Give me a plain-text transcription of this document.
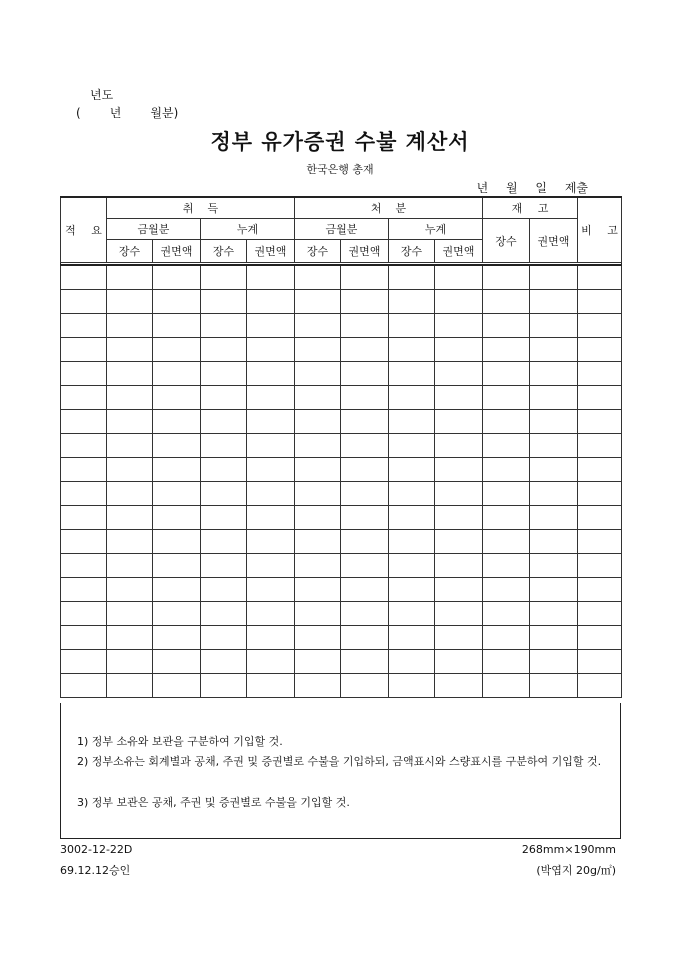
년도
(     년     월분)
정부 유가증권 수불 계산서
한국은행 총재
년 월 일 제출
적 요	취    득				처    분				재 고		비 고
	금월분		누계		금월분		누계		장수	권면액	
	장수	권면액	장수	권면액	장수	권면액	장수	권면액			

1) 정부 소유와 보관을 구분하여 기입할 것.
2) 정부소유는 회계별과 공채, 주권 및 증권별로 수불을 기입하되, 금액표시와 스량표시를 구분하여 기입할 것.
3) 정부 보관은 공채, 주권 및 증권별로 수불을 기입할 것.
3002-12-22D
69.12.12승인
268mm×190mm
(박엽지 20g/㎡)
